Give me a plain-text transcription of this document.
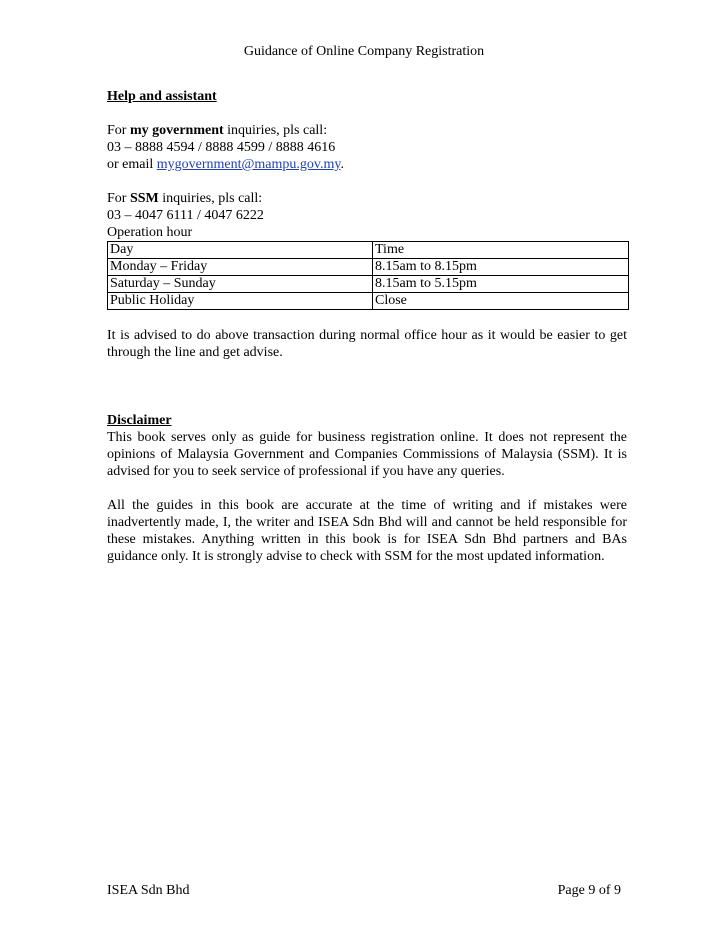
Guidance of Online Company Registration

Help and assistant

For my government inquiries, pls call:

03 – 8888 4594 / 8888 4599 / 8888 4616

or email mygovernment@mampu.gov.my.

For SSM inquiries, pls call:

03 – 4047 6111 / 4047 6222

Operation hour

Day	Time
Monday – Friday	8.15am to 8.15pm
Saturday – Sunday	8.15am to 5.15pm
Public Holiday	Close

It is advised to do above transaction during normal office hour as it would be easier to get through the line and get advise.

Disclaimer

This book serves only as guide for business registration online. It does not represent the opinions of Malaysia Government and Companies Commissions of Malaysia (SSM). It is advised for you to seek service of professional if you have any queries.

All the guides in this book are accurate at the time of writing and if mistakes were inadvertently made, I, the writer and ISEA Sdn Bhd will and cannot be held responsible for these mistakes. Anything written in this book is for ISEA Sdn Bhd partners and BAs guidance only. It is strongly advise to check with SSM for the most updated information.

ISEA Sdn Bhd	Page 9 of 9
